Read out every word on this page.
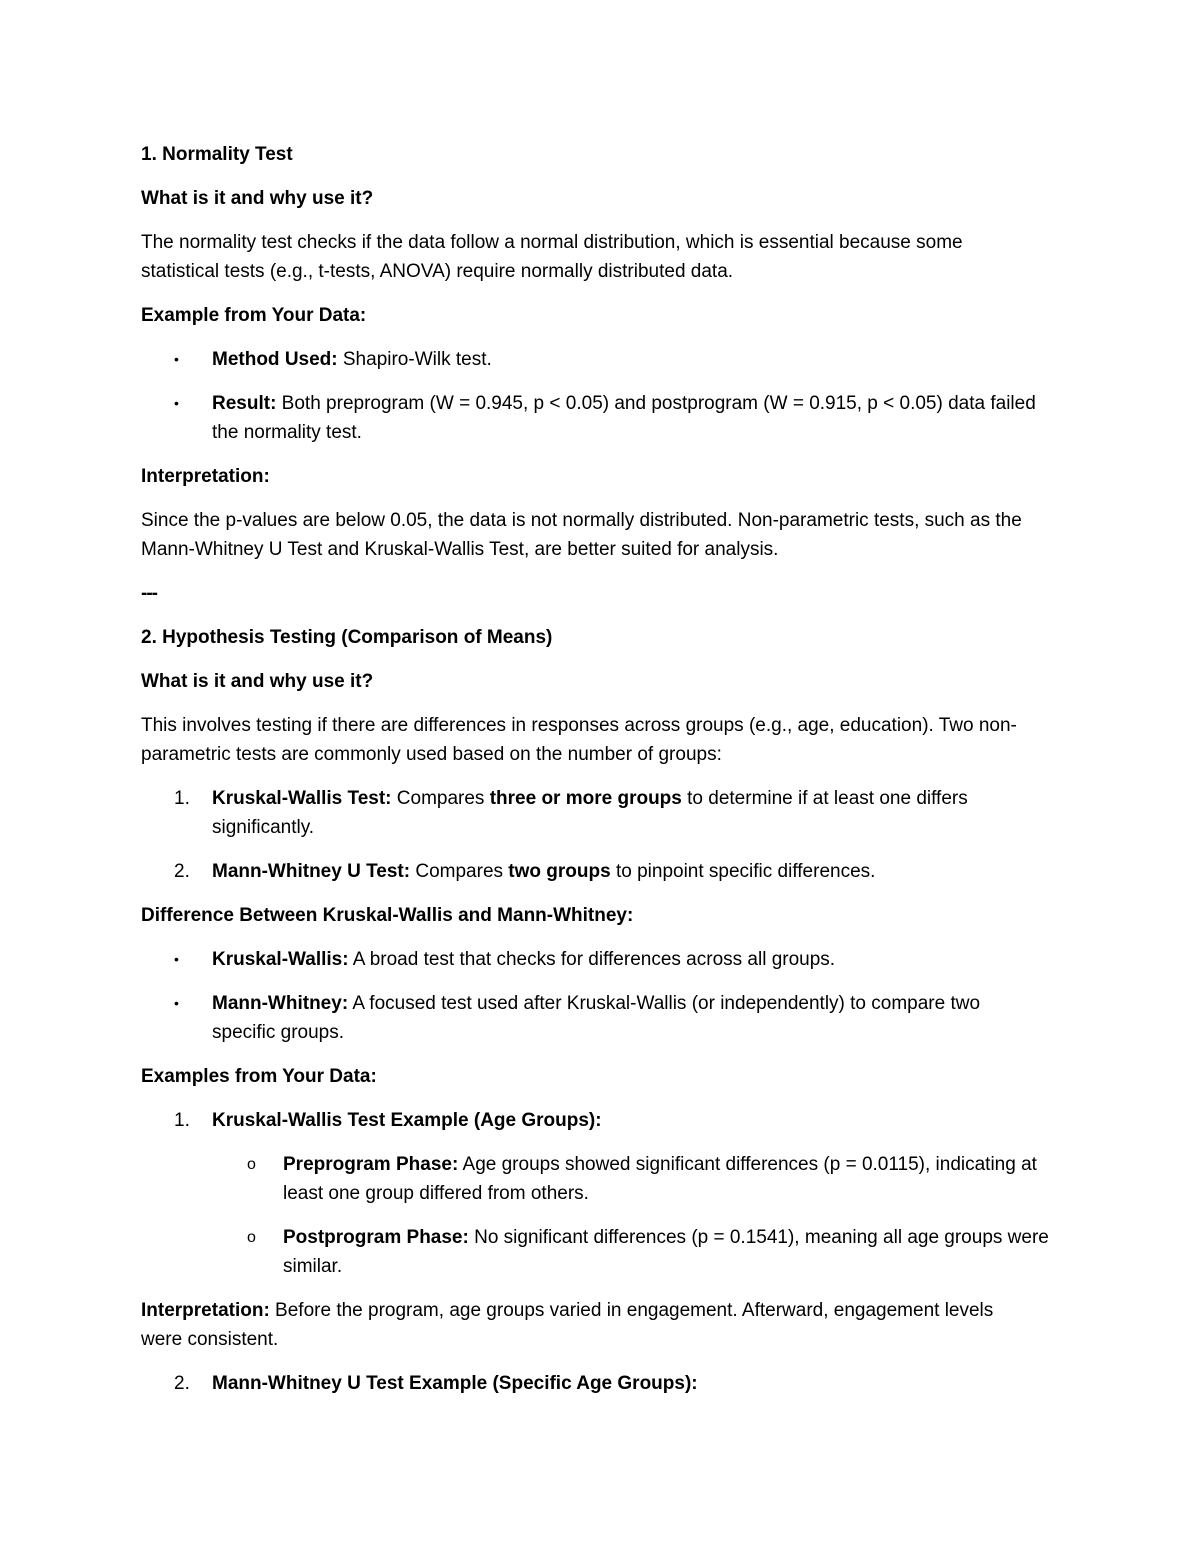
1. Normality Test
What is it and why use it?
The normality test checks if the data follow a normal distribution, which is essential because some
statistical tests (e.g., t-tests, ANOVA) require normally distributed data.
Example from Your Data:
• Method Used: Shapiro-Wilk test.
• Result: Both preprogram (W = 0.945, p < 0.05) and postprogram (W = 0.915, p < 0.05) data failed
the normality test.
Interpretation:
Since the p-values are below 0.05, the data is not normally distributed. Non-parametric tests, such as the
Mann-Whitney U Test and Kruskal-Wallis Test, are better suited for analysis.
---
2. Hypothesis Testing (Comparison of Means)
What is it and why use it?
This involves testing if there are differences in responses across groups (e.g., age, education). Two non-
parametric tests are commonly used based on the number of groups:
1. Kruskal-Wallis Test: Compares three or more groups to determine if at least one differs
significantly.
2. Mann-Whitney U Test: Compares two groups to pinpoint specific differences.
Difference Between Kruskal-Wallis and Mann-Whitney:
• Kruskal-Wallis: A broad test that checks for differences across all groups.
• Mann-Whitney: A focused test used after Kruskal-Wallis (or independently) to compare two
specific groups.
Examples from Your Data:
1. Kruskal-Wallis Test Example (Age Groups):
o Preprogram Phase: Age groups showed significant differences (p = 0.0115), indicating at
least one group differed from others.
o Postprogram Phase: No significant differences (p = 0.1541), meaning all age groups were
similar.
Interpretation: Before the program, age groups varied in engagement. Afterward, engagement levels
were consistent.
2. Mann-Whitney U Test Example (Specific Age Groups):
